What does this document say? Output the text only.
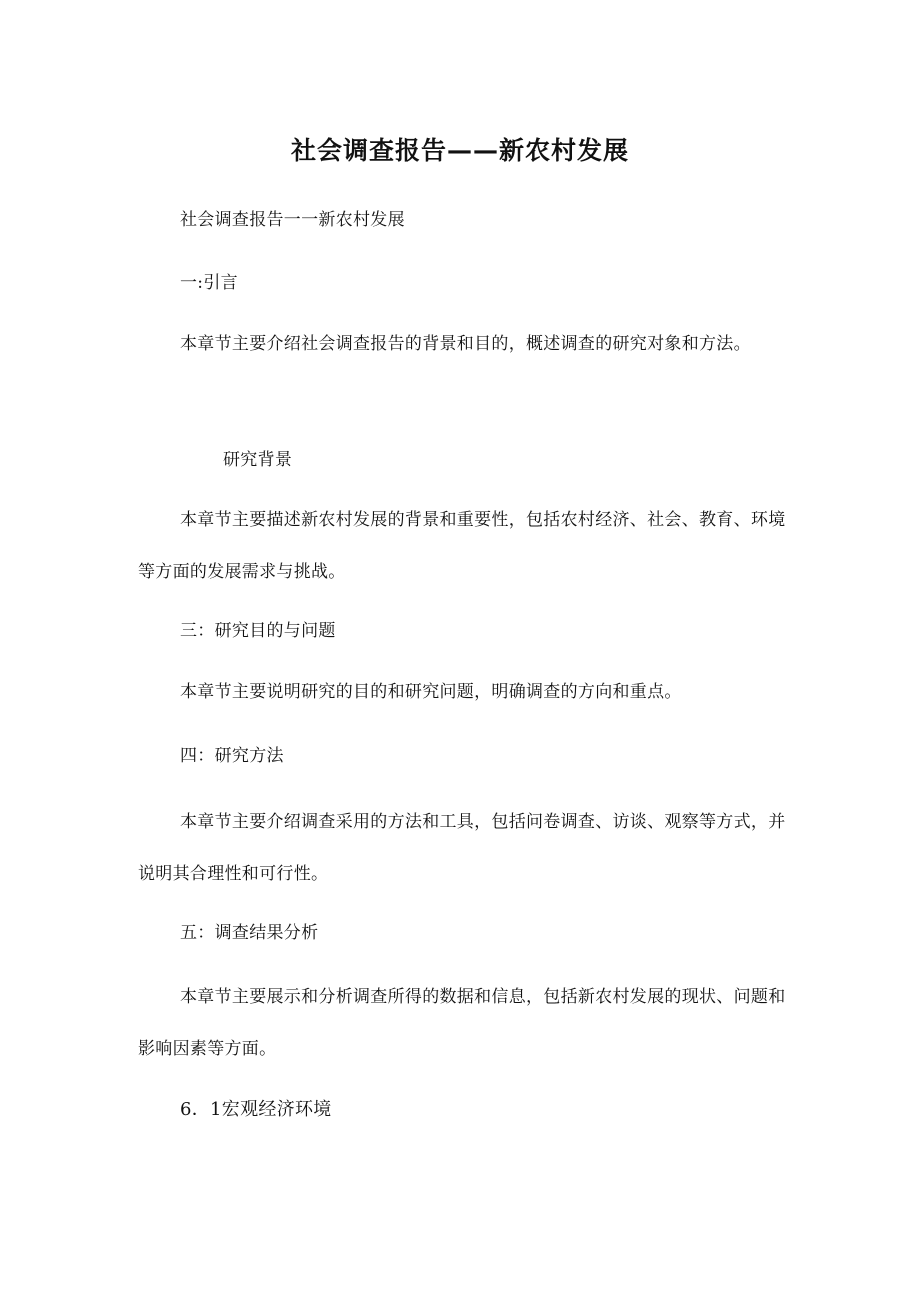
社会调查报告——新农村发展

社会调查报告一一新农村发展

一:引言

本章节主要介绍社会调查报告的背景和目的，概述调查的研究对象和方法。

研究背景

本章节主要描述新农村发展的背景和重要性，包括农村经济、社会、教育、环境等方面的发展需求与挑战。

三：研究目的与问题

本章节主要说明研究的目的和研究问题，明确调查的方向和重点。

四：研究方法

本章节主要介绍调查采用的方法和工具，包括问卷调查、访谈、观察等方式，并说明其合理性和可行性。

五：调查结果分析

本章节主要展示和分析调查所得的数据和信息，包括新农村发展的现状、问题和影响因素等方面。

6．1宏观经济环境
